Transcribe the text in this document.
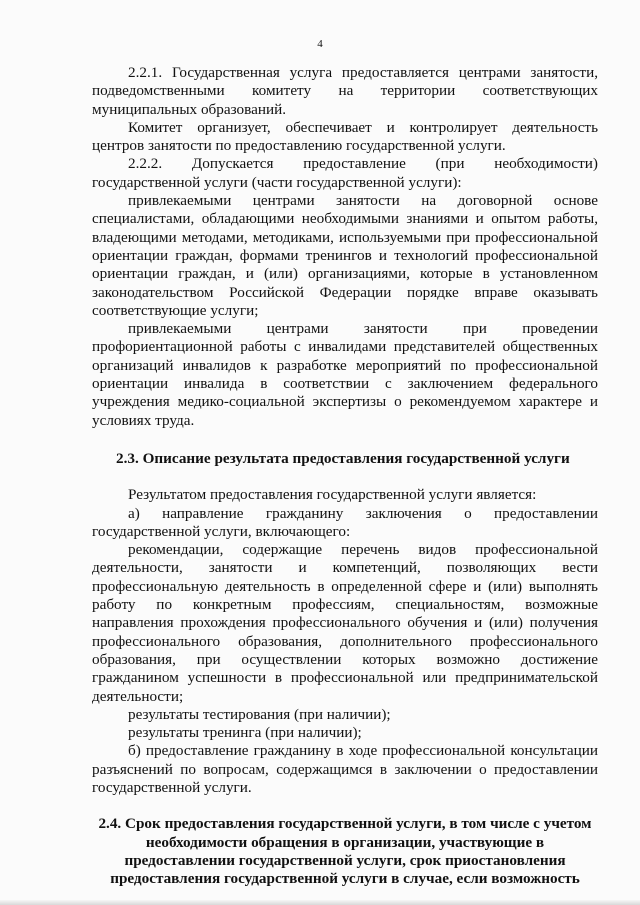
4

2.2.1. Государственная услуга предоставляется центрами занятости, подведомственными комитету на территории соответствующих муниципальных образований.

Комитет организует, обеспечивает и контролирует деятельность центров занятости по предоставлению государственной услуги.

2.2.2. Допускается предоставление (при необходимости) государственной услуги (части государственной услуги):

привлекаемыми центрами занятости на договорной основе специалистами, обладающими необходимыми знаниями и опытом работы, владеющими методами, методиками, используемыми при профессиональной ориентации граждан, формами тренингов и технологий профессиональной ориентации граждан, и (или) организациями, которые в установленном законодательством Российской Федерации порядке вправе оказывать соответствующие услуги;

привлекаемыми центрами занятости при проведении профориентационной работы с инвалидами представителей общественных организаций инвалидов к разработке мероприятий по профессиональной ориентации инвалида в соответствии с заключением федерального учреждения медико-социальной экспертизы о рекомендуемом характере и условиях труда.

2.3. Описание результата предоставления государственной услуги

Результатом предоставления государственной услуги является:

а) направление гражданину заключения о предоставлении государственной услуги, включающего:

рекомендации, содержащие перечень видов профессиональной деятельности, занятости и компетенций, позволяющих вести профессиональную деятельность в определенной сфере и (или) выполнять работу по конкретным профессиям, специальностям, возможные направления прохождения профессионального обучения и (или) получения профессионального образования, дополнительного профессионального образования, при осуществлении которых возможно достижение гражданином успешности в профессиональной или предпринимательской деятельности;

результаты тестирования (при наличии);

результаты тренинга (при наличии);

б) предоставление гражданину в ходе профессиональной консультации разъяснений по вопросам, содержащимся в заключении о предоставлении государственной услуги.

2.4. Срок предоставления государственной услуги, в том числе с учетом необходимости обращения в организации, участвующие в предоставлении государственной услуги, срок приостановления предоставления государственной услуги в случае, если возможность
